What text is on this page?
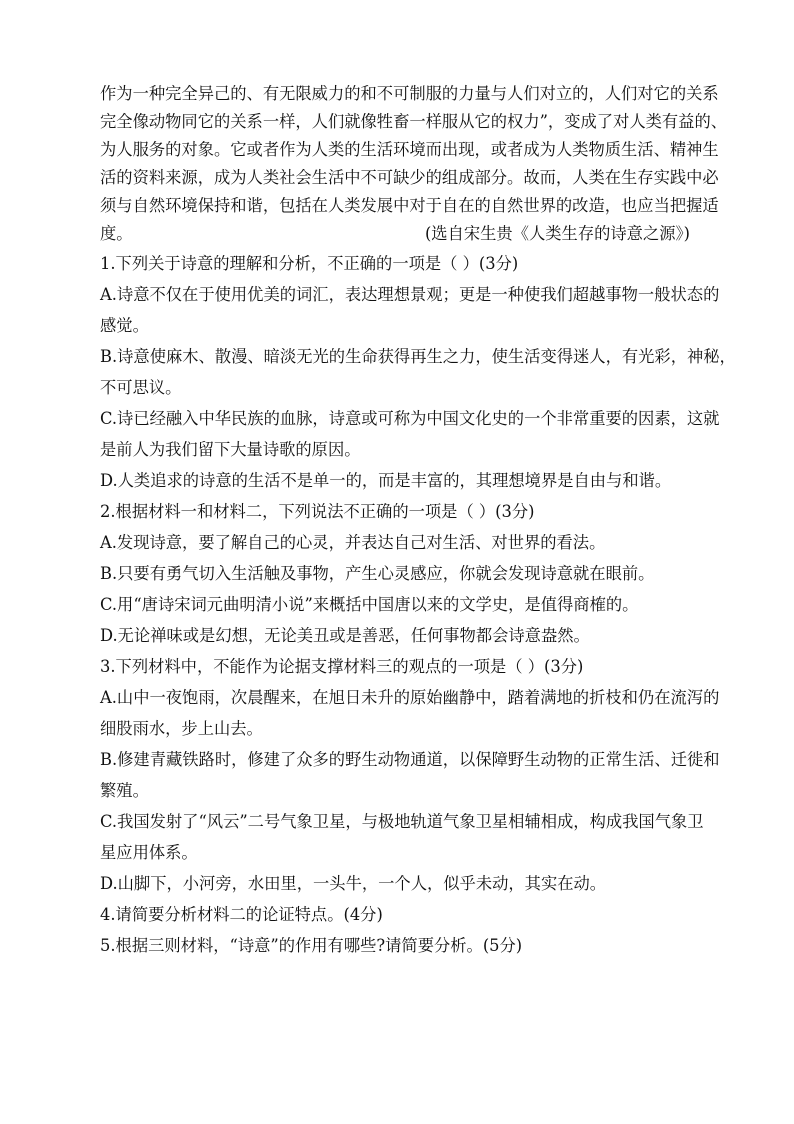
作为一种完全异己的、有无限威力的和不可制服的力量与人们对立的，人们对它的关系
完全像动物同它的关系一样，人们就像牲畜一样服从它的权力”，变成了对人类有益的、
为人服务的对象。它或者作为人类的生活环境而出现，或者成为人类物质生活、精神生
活的资料来源，成为人类社会生活中不可缺少的组成部分。故而，人类在生存实践中必
须与自然环境保持和谐，包括在人类发展中对于自在的自然世界的改造，也应当把握适
度。	(选自宋生贵《人类生存的诗意之源》)
1.下列关于诗意的理解和分析，不正确的一项是（ ）(3分)
A.诗意不仅在于使用优美的词汇，表达理想景观；更是一种使我们超越事物一般状态的
感觉。
B.诗意使麻木、散漫、暗淡无光的生命获得再生之力，使生活变得迷人，有光彩，神秘，
不可思议。
C.诗已经融入中华民族的血脉，诗意或可称为中国文化史的一个非常重要的因素，这就
是前人为我们留下大量诗歌的原因。
D.人类追求的诗意的生活不是单一的，而是丰富的，其理想境界是自由与和谐。
2.根据材料一和材料二，下列说法不正确的一项是（ ）(3分)
A.发现诗意，要了解自己的心灵，并表达自己对生活、对世界的看法。
B.只要有勇气切入生活触及事物，产生心灵感应，你就会发现诗意就在眼前。
C.用“唐诗宋词元曲明清小说”来概括中国唐以来的文学史，是值得商榷的。
D.无论禅味或是幻想，无论美丑或是善恶，任何事物都会诗意盎然。
3.下列材料中，不能作为论据支撑材料三的观点的一项是（ ）(3分)
A.山中一夜饱雨，次晨醒来，在旭日未升的原始幽静中，踏着满地的折枝和仍在流泻的
细股雨水，步上山去。
B.修建青藏铁路时，修建了众多的野生动物通道，以保障野生动物的正常生活、迁徙和
繁殖。
C.我国发射了“风云”二号气象卫星，与极地轨道气象卫星相辅相成，构成我国气象卫
星应用体系。
D.山脚下，小河旁，水田里，一头牛，一个人，似乎未动，其实在动。
4.请简要分析材料二的论证特点。(4分)
5.根据三则材料，“诗意”的作用有哪些?请简要分析。(5分)
